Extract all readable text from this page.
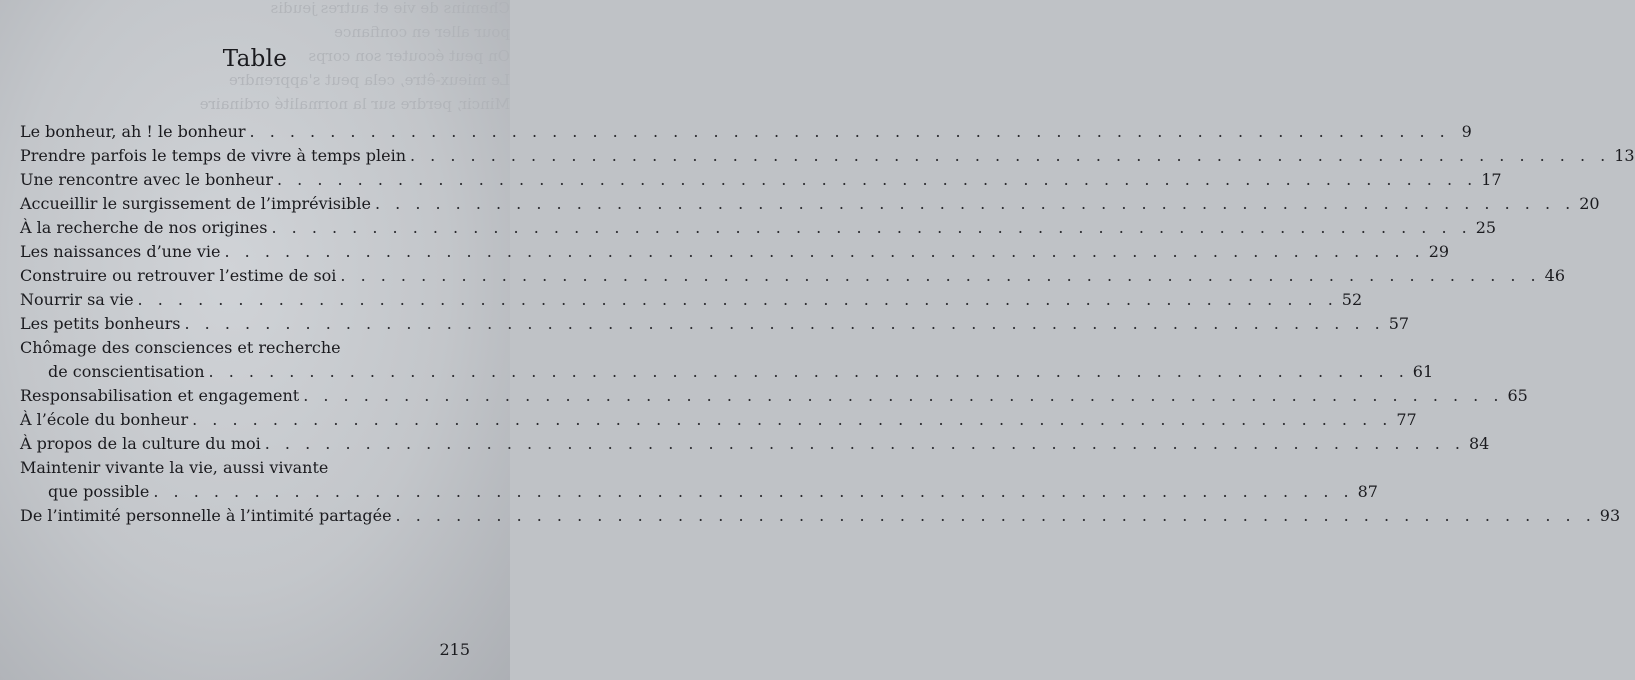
Chemins de vie et autres jeudis
pour aller en confiance
On peut écouter son corps
Le mieux-être, cela peut s'apprendre
Mincir, perdre sur la normalité ordinaire
Table
Le bonheur, ah ! le bonheur . . . . . . . . . . . . . . . . . . . . . . . . . . . . . . . . . . . . . . . . . . . . . . . . . . . . . . . . . . . . 9
Prendre parfois le temps de vivre à temps plein . . . . . . . . . . . . . . . . . . . . . . . . . . . . . . . . . . . . . . . . . . . . . . . . . . . . . . . . . . . . 13
Une rencontre avec le bonheur . . . . . . . . . . . . . . . . . . . . . . . . . . . . . . . . . . . . . . . . . . . . . . . . . . . . . . . . . . . . 17
Accueillir le surgissement de l’imprévisible . . . . . . . . . . . . . . . . . . . . . . . . . . . . . . . . . . . . . . . . . . . . . . . . . . . . . . . . . . . . 20
À la recherche de nos origines . . . . . . . . . . . . . . . . . . . . . . . . . . . . . . . . . . . . . . . . . . . . . . . . . . . . . . . . . . . . 25
Les naissances d’une vie . . . . . . . . . . . . . . . . . . . . . . . . . . . . . . . . . . . . . . . . . . . . . . . . . . . . . . . . . . . . 29
Construire ou retrouver l’estime de soi . . . . . . . . . . . . . . . . . . . . . . . . . . . . . . . . . . . . . . . . . . . . . . . . . . . . . . . . . . . . 46
Nourrir sa vie . . . . . . . . . . . . . . . . . . . . . . . . . . . . . . . . . . . . . . . . . . . . . . . . . . . . . . . . . . . . 52
Les petits bonheurs . . . . . . . . . . . . . . . . . . . . . . . . . . . . . . . . . . . . . . . . . . . . . . . . . . . . . . . . . . . . 57
Chômage des consciences et recherche
de conscientisation . . . . . . . . . . . . . . . . . . . . . . . . . . . . . . . . . . . . . . . . . . . . . . . . . . . . . . . . . . . . 61
Responsabilisation et engagement . . . . . . . . . . . . . . . . . . . . . . . . . . . . . . . . . . . . . . . . . . . . . . . . . . . . . . . . . . . . 65
À l’école du bonheur . . . . . . . . . . . . . . . . . . . . . . . . . . . . . . . . . . . . . . . . . . . . . . . . . . . . . . . . . . . . 77
À propos de la culture du moi . . . . . . . . . . . . . . . . . . . . . . . . . . . . . . . . . . . . . . . . . . . . . . . . . . . . . . . . . . . . 84
Maintenir vivante la vie, aussi vivante
que possible . . . . . . . . . . . . . . . . . . . . . . . . . . . . . . . . . . . . . . . . . . . . . . . . . . . . . . . . . . . . 87
De l’intimité personnelle à l’intimité partagée . . . . . . . . . . . . . . . . . . . . . . . . . . . . . . . . . . . . . . . . . . . . . . . . . . . . . . . . . . . . 93
215
